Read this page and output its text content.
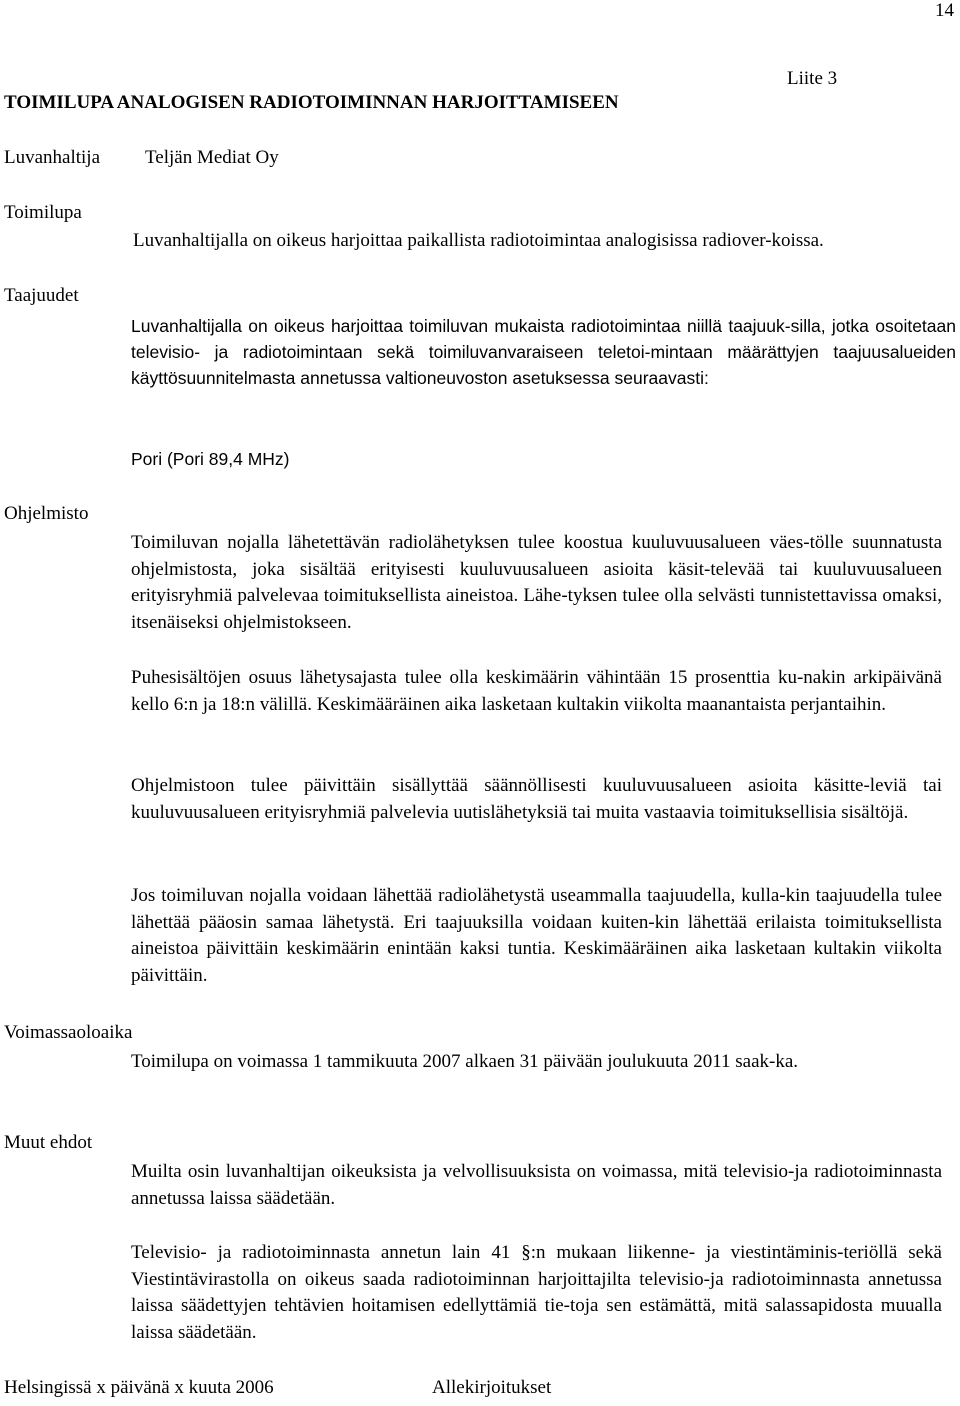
14
Liite 3
TOIMILUPA ANALOGISEN RADIOTOIMINNAN HARJOITTAMISEEN
Luvanhaltija Teljän Mediat Oy
Toimilupa
Luvanhaltijalla on oikeus harjoittaa paikallista radiotoimintaa analogisissa radiover-koissa.
Taajuudet
Luvanhaltijalla on oikeus harjoittaa toimiluvan mukaista radiotoimintaa niillä taajuuk-silla, jotka osoitetaan televisio- ja radiotoimintaan sekä toimiluvanvaraiseen teletoi-mintaan määrättyjen taajuusalueiden käyttösuunnitelmasta annetussa valtioneuvoston asetuksessa seuraavasti:
Pori (Pori 89,4 MHz)
Ohjelmisto
Toimiluvan nojalla lähetettävän radiolähetyksen tulee koostua kuuluvuusalueen väes-tölle suunnatusta ohjelmistosta, joka sisältää erityisesti kuuluvuusalueen asioita käsit-televää tai kuuluvuusalueen erityisryhmiä palvelevaa toimituksellista aineistoa. Lähe-tyksen tulee olla selvästi tunnistettavissa omaksi, itsenäiseksi ohjelmistokseen.
Puhesisältöjen osuus lähetysajasta tulee olla keskimäärin vähintään 15 prosenttia ku-nakin arkipäivänä kello 6:n ja 18:n välillä. Keskimääräinen aika lasketaan kultakin viikolta maanantaista perjantaihin.
Ohjelmistoon tulee päivittäin sisällyttää säännöllisesti kuuluvuusalueen asioita käsitte-leviä tai kuuluvuusalueen erityisryhmiä palvelevia uutislähetyksiä tai muita vastaavia toimituksellisia sisältöjä.
Jos toimiluvan nojalla voidaan lähettää radiolähetystä useammalla taajuudella, kulla-kin taajuudella tulee lähettää pääosin samaa lähetystä. Eri taajuuksilla voidaan kuiten-kin lähettää erilaista toimituksellista aineistoa päivittäin keskimäärin enintään kaksi tuntia. Keskimääräinen aika lasketaan kultakin viikolta päivittäin.
Voimassaoloaika
Toimilupa on voimassa 1 tammikuuta 2007 alkaen 31 päivään joulukuuta 2011 saak-ka.
Muut ehdot
Muilta osin luvanhaltijan oikeuksista ja velvollisuuksista on voimassa, mitä televisio-ja radiotoiminnasta annetussa laissa säädetään.
Televisio- ja radiotoiminnasta annetun lain 41 §:n mukaan liikenne- ja viestintäminis-teriöllä sekä Viestintävirastolla on oikeus saada radiotoiminnan harjoittajilta televisio-ja radiotoiminnasta annetussa laissa säädettyjen tehtävien hoitamisen edellyttämiä tie-toja sen estämättä, mitä salassapidosta muualla laissa säädetään.
Helsingissä x päivänä x kuuta 2006	Allekirjoitukset
